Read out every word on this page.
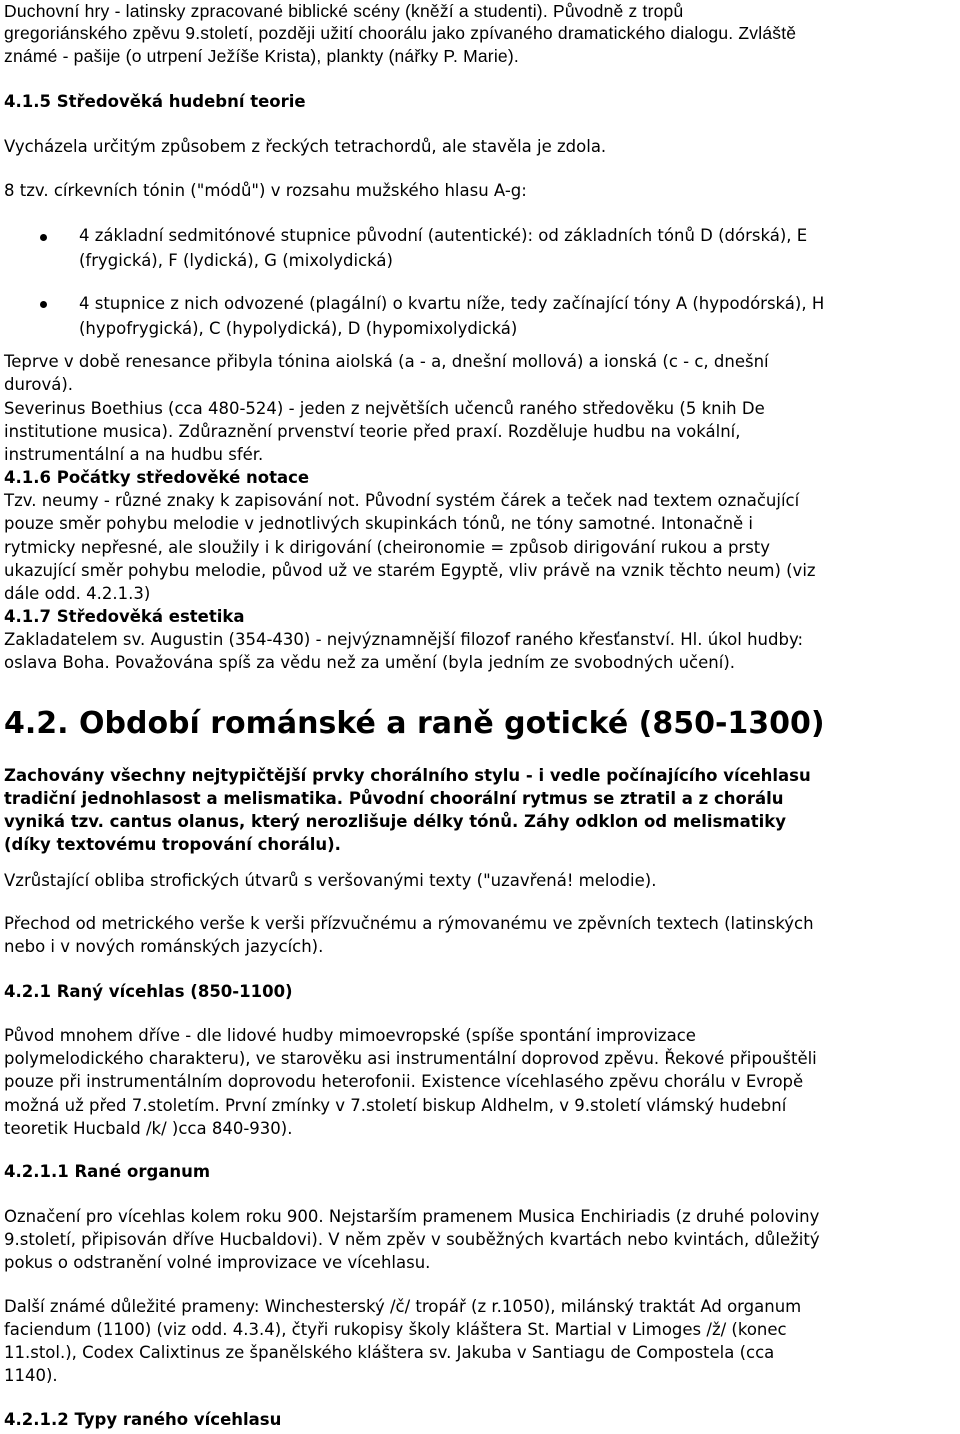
Duchovní hry - latinsky zpracované biblické scény (kněží a studenti). Původně z tropů
gregoriánského zpěvu 9.století, později užití choorálu jako zpívaného dramatického dialogu. Zvláště
známé - pašije (o utrpení Ježíše Krista), plankty (nářky P. Marie).
4.1.5 Středověká hudební teorie
Vycházela určitým způsobem z řeckých tetrachordů, ale stavěla je zdola.
8 tzv. církevních tónin ("módů") v rozsahu mužského hlasu A-g:
4 základní sedmitónové stupnice původní (autentické): od základních tónů D (dórská), E
(frygická), F (lydická), G (mixolydická)
4 stupnice z nich odvozené (plagální) o kvartu níže, tedy začínající tóny A (hypodórská), H
(hypofrygická), C (hypolydická), D (hypomixolydická)
Teprve v době renesance přibyla tónina aiolská (a - a, dnešní mollová) a ionská (c - c, dnešní
durová).
Severinus Boethius (cca 480-524) - jeden z největších učenců raného středověku (5 knih De
institutione musica). Zdůraznění prvenství teorie před praxí. Rozděluje hudbu na vokální,
instrumentální a na hudbu sfér.
4.1.6 Počátky středověké notace
Tzv. neumy - různé znaky k zapisování not. Původní systém čárek a teček nad textem označující
pouze směr pohybu melodie v jednotlivých skupinkách tónů, ne tóny samotné. Intonačně i
rytmicky nepřesné, ale sloužily i k dirigování (cheironomie = způsob dirigování rukou a prsty
ukazující směr pohybu melodie, původ už ve starém Egyptě, vliv právě na vznik těchto neum) (viz
dále odd. 4.2.1.3)
4.1.7 Středověká estetika
Zakladatelem sv. Augustin (354-430) - nejvýznamnější filozof raného křesťanství. Hl. úkol hudby:
oslava Boha. Považována spíš za vědu než za umění (byla jedním ze svobodných učení).
4.2. Období románské a raně gotické (850-1300)
Zachovány všechny nejtypičtější prvky chorálního stylu - i vedle počínajícího vícehlasu
tradiční jednohlasost a melismatika. Původní choorální rytmus se ztratil a z chorálu
vyniká tzv. cantus olanus, který nerozlišuje délky tónů. Záhy odklon od melismatiky
(díky textovému tropování chorálu).
Vzrůstající obliba strofických útvarů s veršovanými texty ("uzavřená! melodie).
Přechod od metrického verše k verši přízvučnému a rýmovanému ve zpěvních textech (latinských
nebo i v nových románských jazycích).
4.2.1 Raný vícehlas (850-1100)
Původ mnohem dříve - dle lidové hudby mimoevropské (spíše spontání improvizace
polymelodického charakteru), ve starověku asi instrumentální doprovod zpěvu. Řekové připouštěli
pouze při instrumentálním doprovodu heterofonii. Existence vícehlasého zpěvu chorálu v Evropě
možná už před 7.stoletím. První zmínky v 7.století biskup Aldhelm, v 9.století vlámský hudební
teoretik Hucbald /k/ )cca 840-930).
4.2.1.1 Rané organum
Označení pro vícehlas kolem roku 900. Nejstarším pramenem Musica Enchiriadis (z druhé poloviny
9.století, připisován dříve Hucbaldovi). V něm zpěv v souběžných kvartách nebo kvintách, důležitý
pokus o odstranění volné improvizace ve vícehlasu.
Další známé důležité prameny: Winchesterský /č/ tropář (z r.1050), milánský traktát Ad organum
faciendum (1100) (viz odd. 4.3.4), čtyři rukopisy školy kláštera St. Martial v Limoges /ž/ (konec
11.stol.), Codex Calixtinus ze španělského kláštera sv. Jakuba v Santiagu de Compostela (cca
1140).
4.2.1.2 Typy raného vícehlasu
